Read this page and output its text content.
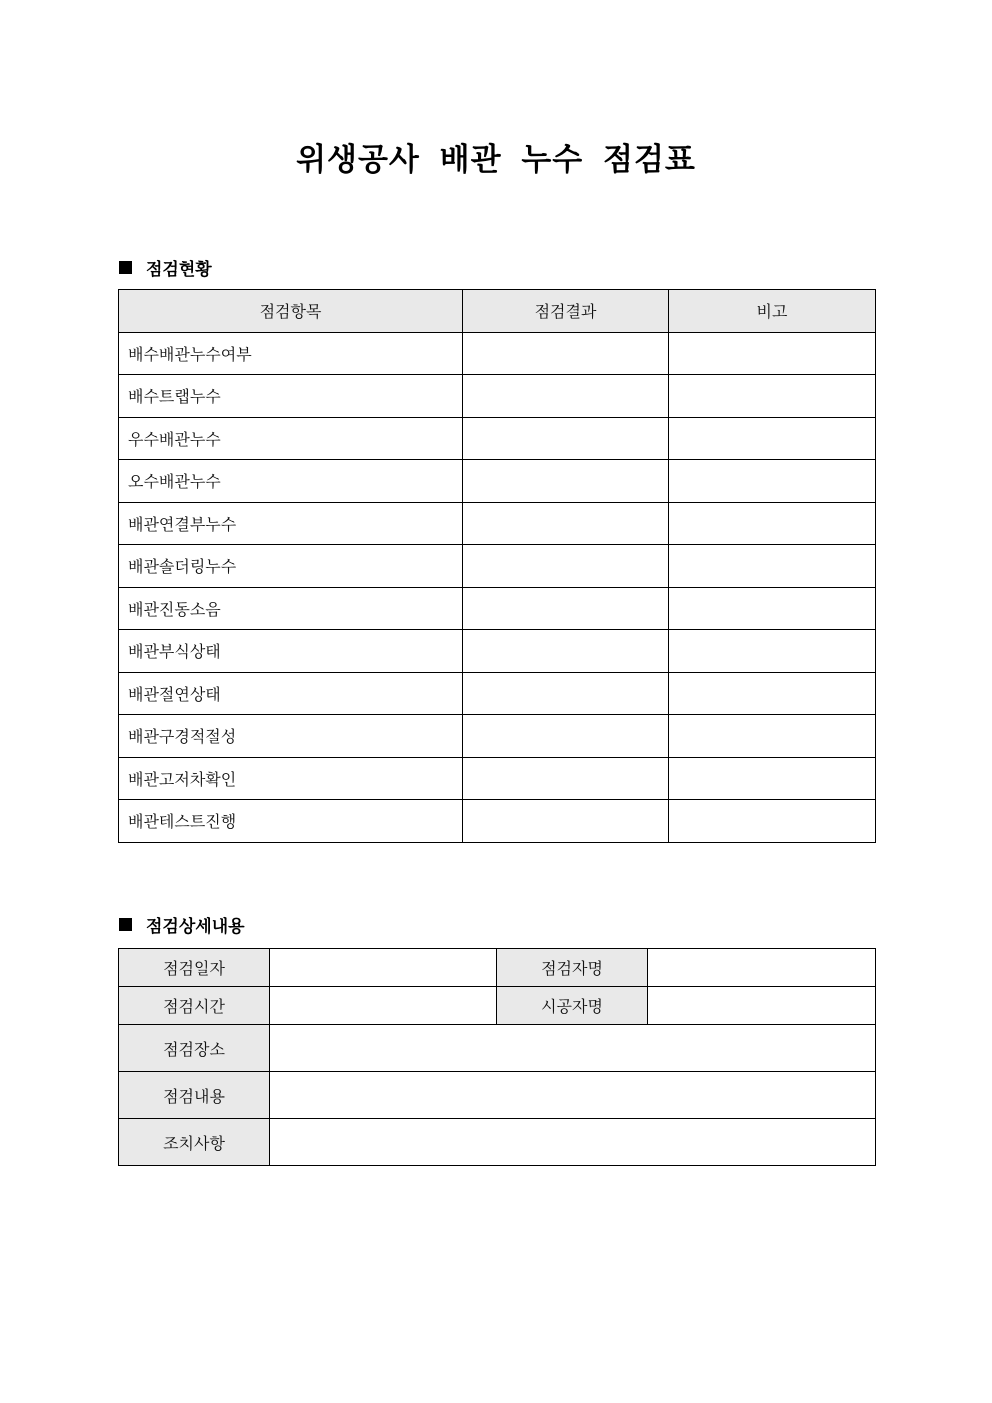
위생공사 배관 누수 점검표
점검현황
점검항목	점검결과	비고
배수배관누수여부		
배수트랩누수		
우수배관누수		
오수배관누수		
배관연결부누수		
배관솔더링누수		
배관진동소음		
배관부식상태		
배관절연상태		
배관구경적절성		
배관고저차확인		
배관테스트진행		
점검상세내용
점검일자		점검자명	
점검시간		시공자명	
점검장소			
점검내용			
조치사항			
